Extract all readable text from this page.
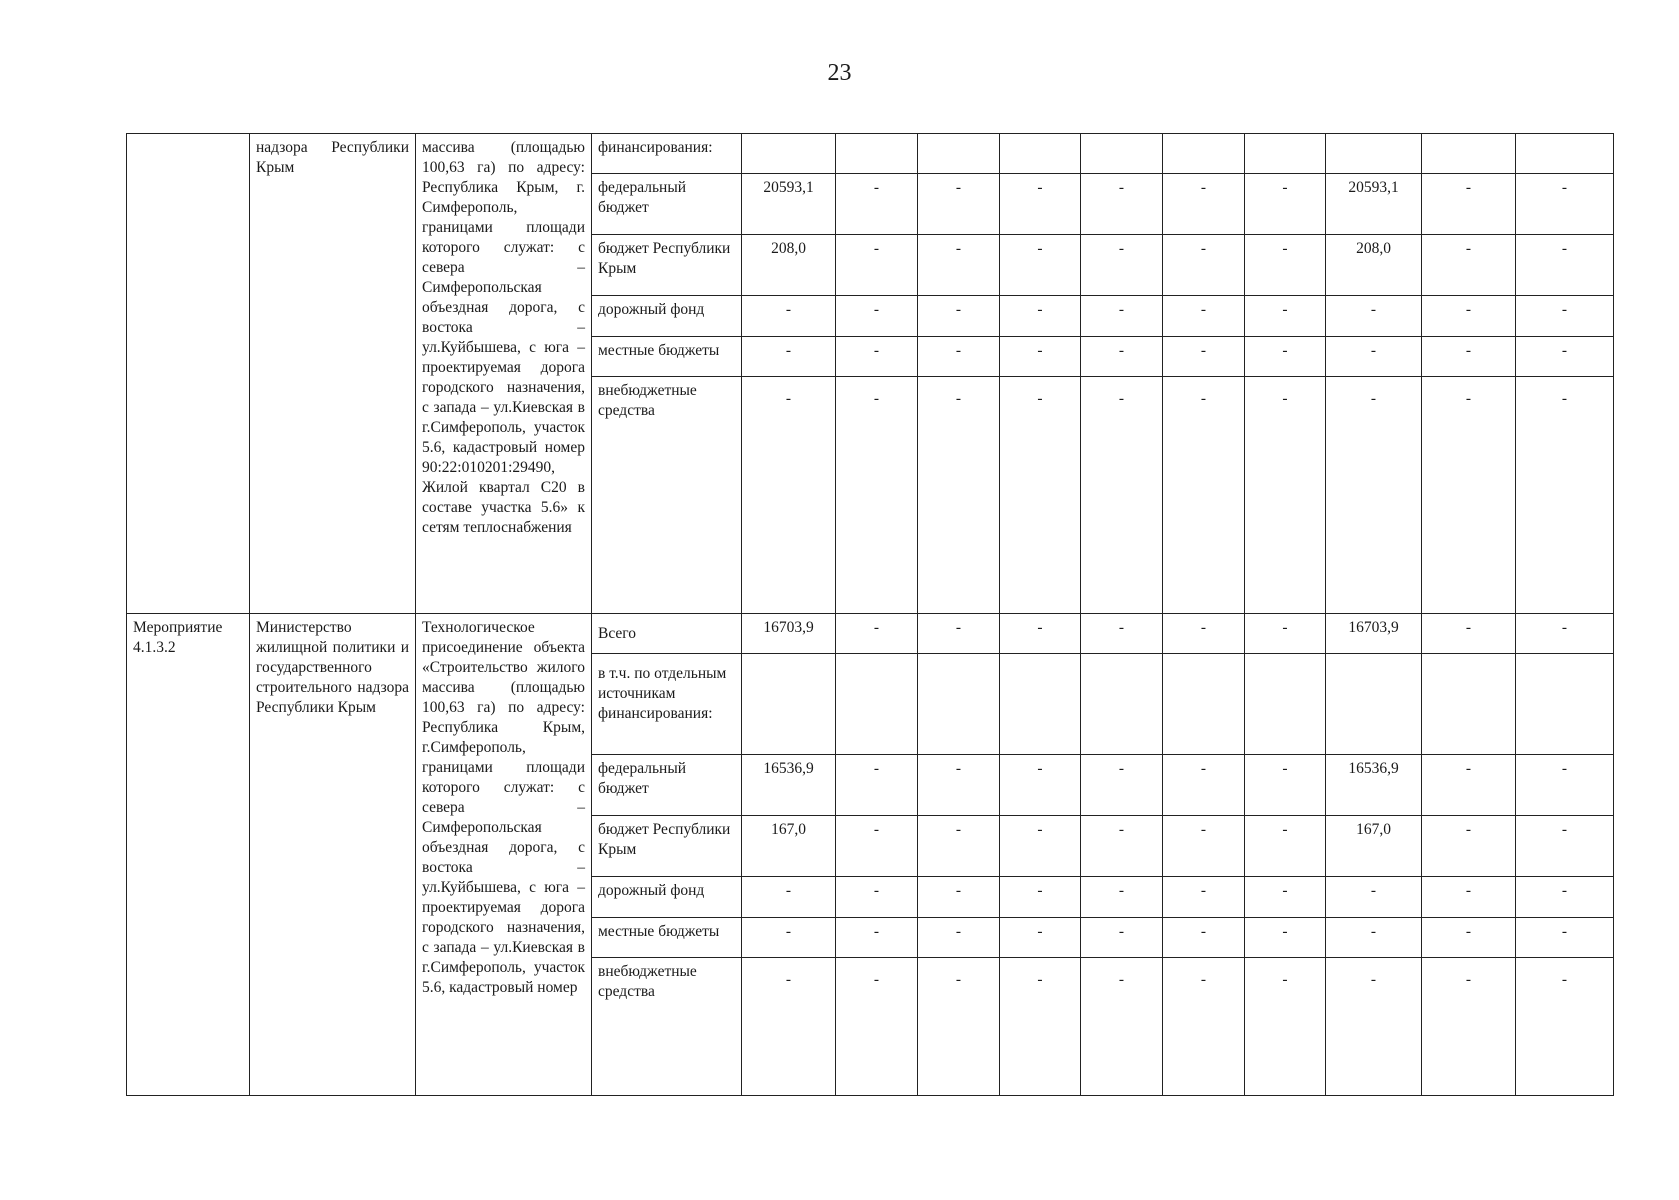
23
	надзора Республики Крым	массива (площадью 100,63 га) по адресу: Республика Крым, г. Симферополь, границами площади которого служат: с севера – Симферопольская объездная дорога, с востока – ул.Куйбышева, с юга – проектируемая дорога городского назначения, с запада – ул.Киевская в г.Симферополь, участок 5.6, кадастровый номер 90:22:010201:29490, Жилой квартал С20 в составе участка 5.6» к сетям теплоснабжения	финансирования:										
			федеральный бюджет	20593,1	-	-	-	-	-	-	20593,1	-	-
			бюджет Республики Крым	208,0	-	-	-	-	-	-	208,0	-	-
			дорожный фонд	-	-	-	-	-	-	-	-	-	-
			местные бюджеты	-	-	-	-	-	-	-	-	-	-
			внебюджетные средства	-	-	-	-	-	-	-	-	-	-
Мероприятие 4.1.3.2	Министерство жилищной политики и государственного строительного надзора Республики Крым	Технологическое присоединение объекта «Строительство жилого массива (площадью 100,63 га) по адресу: Республика Крым, г.Симферополь, границами площади которого служат: с севера – Симферопольская объездная дорога, с востока – ул.Куйбышева, с юга – проектируемая дорога городского назначения, с запада – ул.Киевская в г.Симферополь, участок 5.6, кадастровый номер	Всего	16703,9	-	-	-	-	-	-	16703,9	-	-
			в т.ч. по отдельным источникам финансирования:										
			федеральный бюджет	16536,9	-	-	-	-	-	-	16536,9	-	-
			бюджет Республики Крым	167,0	-	-	-	-	-	-	167,0	-	-
			дорожный фонд	-	-	-	-	-	-	-	-	-	-
			местные бюджеты	-	-	-	-	-	-	-	-	-	-
			внебюджетные средства	-	-	-	-	-	-	-	-	-	-
